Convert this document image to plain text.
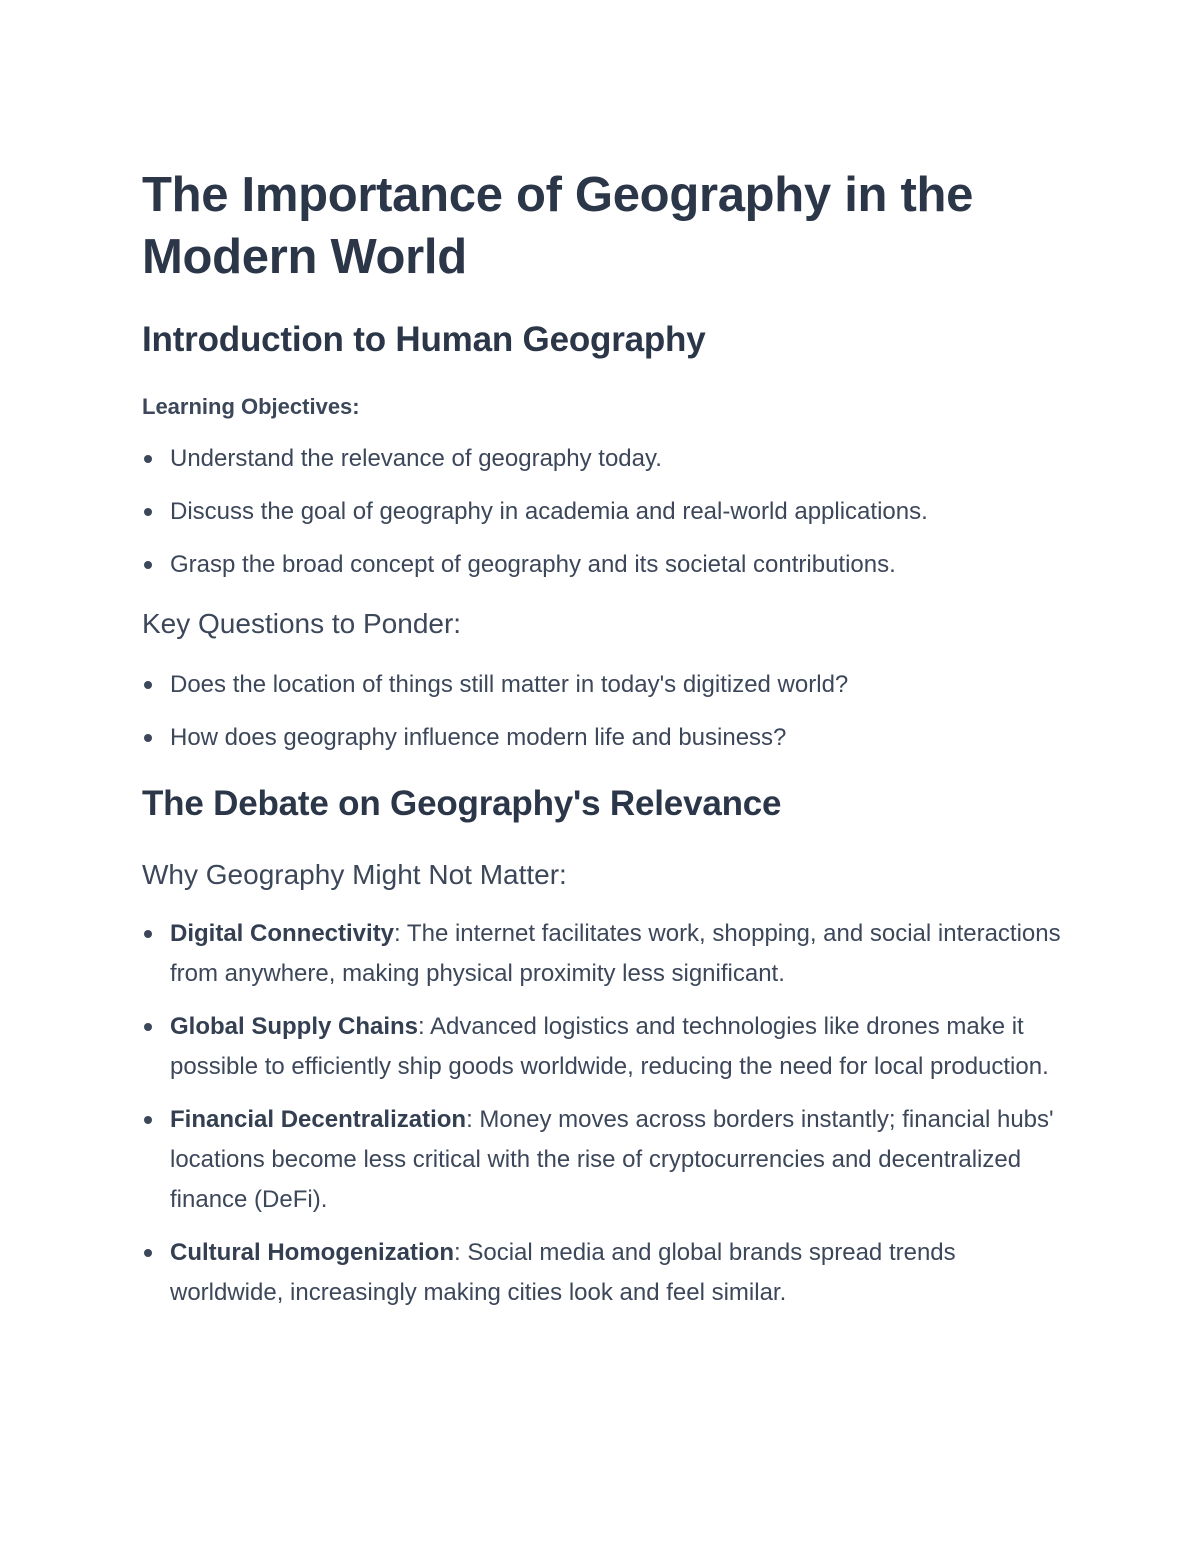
The Importance of Geography in the Modern World
Introduction to Human Geography

Learning Objectives:

Understand the relevance of geography today.
Discuss the goal of geography in academia and real-world applications.
Grasp the broad concept of geography and its societal contributions.
Key Questions to Ponder:
Does the location of things still matter in today's digitized world?
How does geography influence modern life and business?
The Debate on Geography's Relevance
Why Geography Might Not Matter:
Digital Connectivity: The internet facilitates work, shopping, and social interactions from anywhere, making physical proximity less significant.
Global Supply Chains: Advanced logistics and technologies like drones make it possible to efficiently ship goods worldwide, reducing the need for local production.
Financial Decentralization: Money moves across borders instantly; financial hubs' locations become less critical with the rise of cryptocurrencies and decentralized finance (DeFi).
Cultural Homogenization: Social media and global brands spread trends worldwide, increasingly making cities look and feel similar.
